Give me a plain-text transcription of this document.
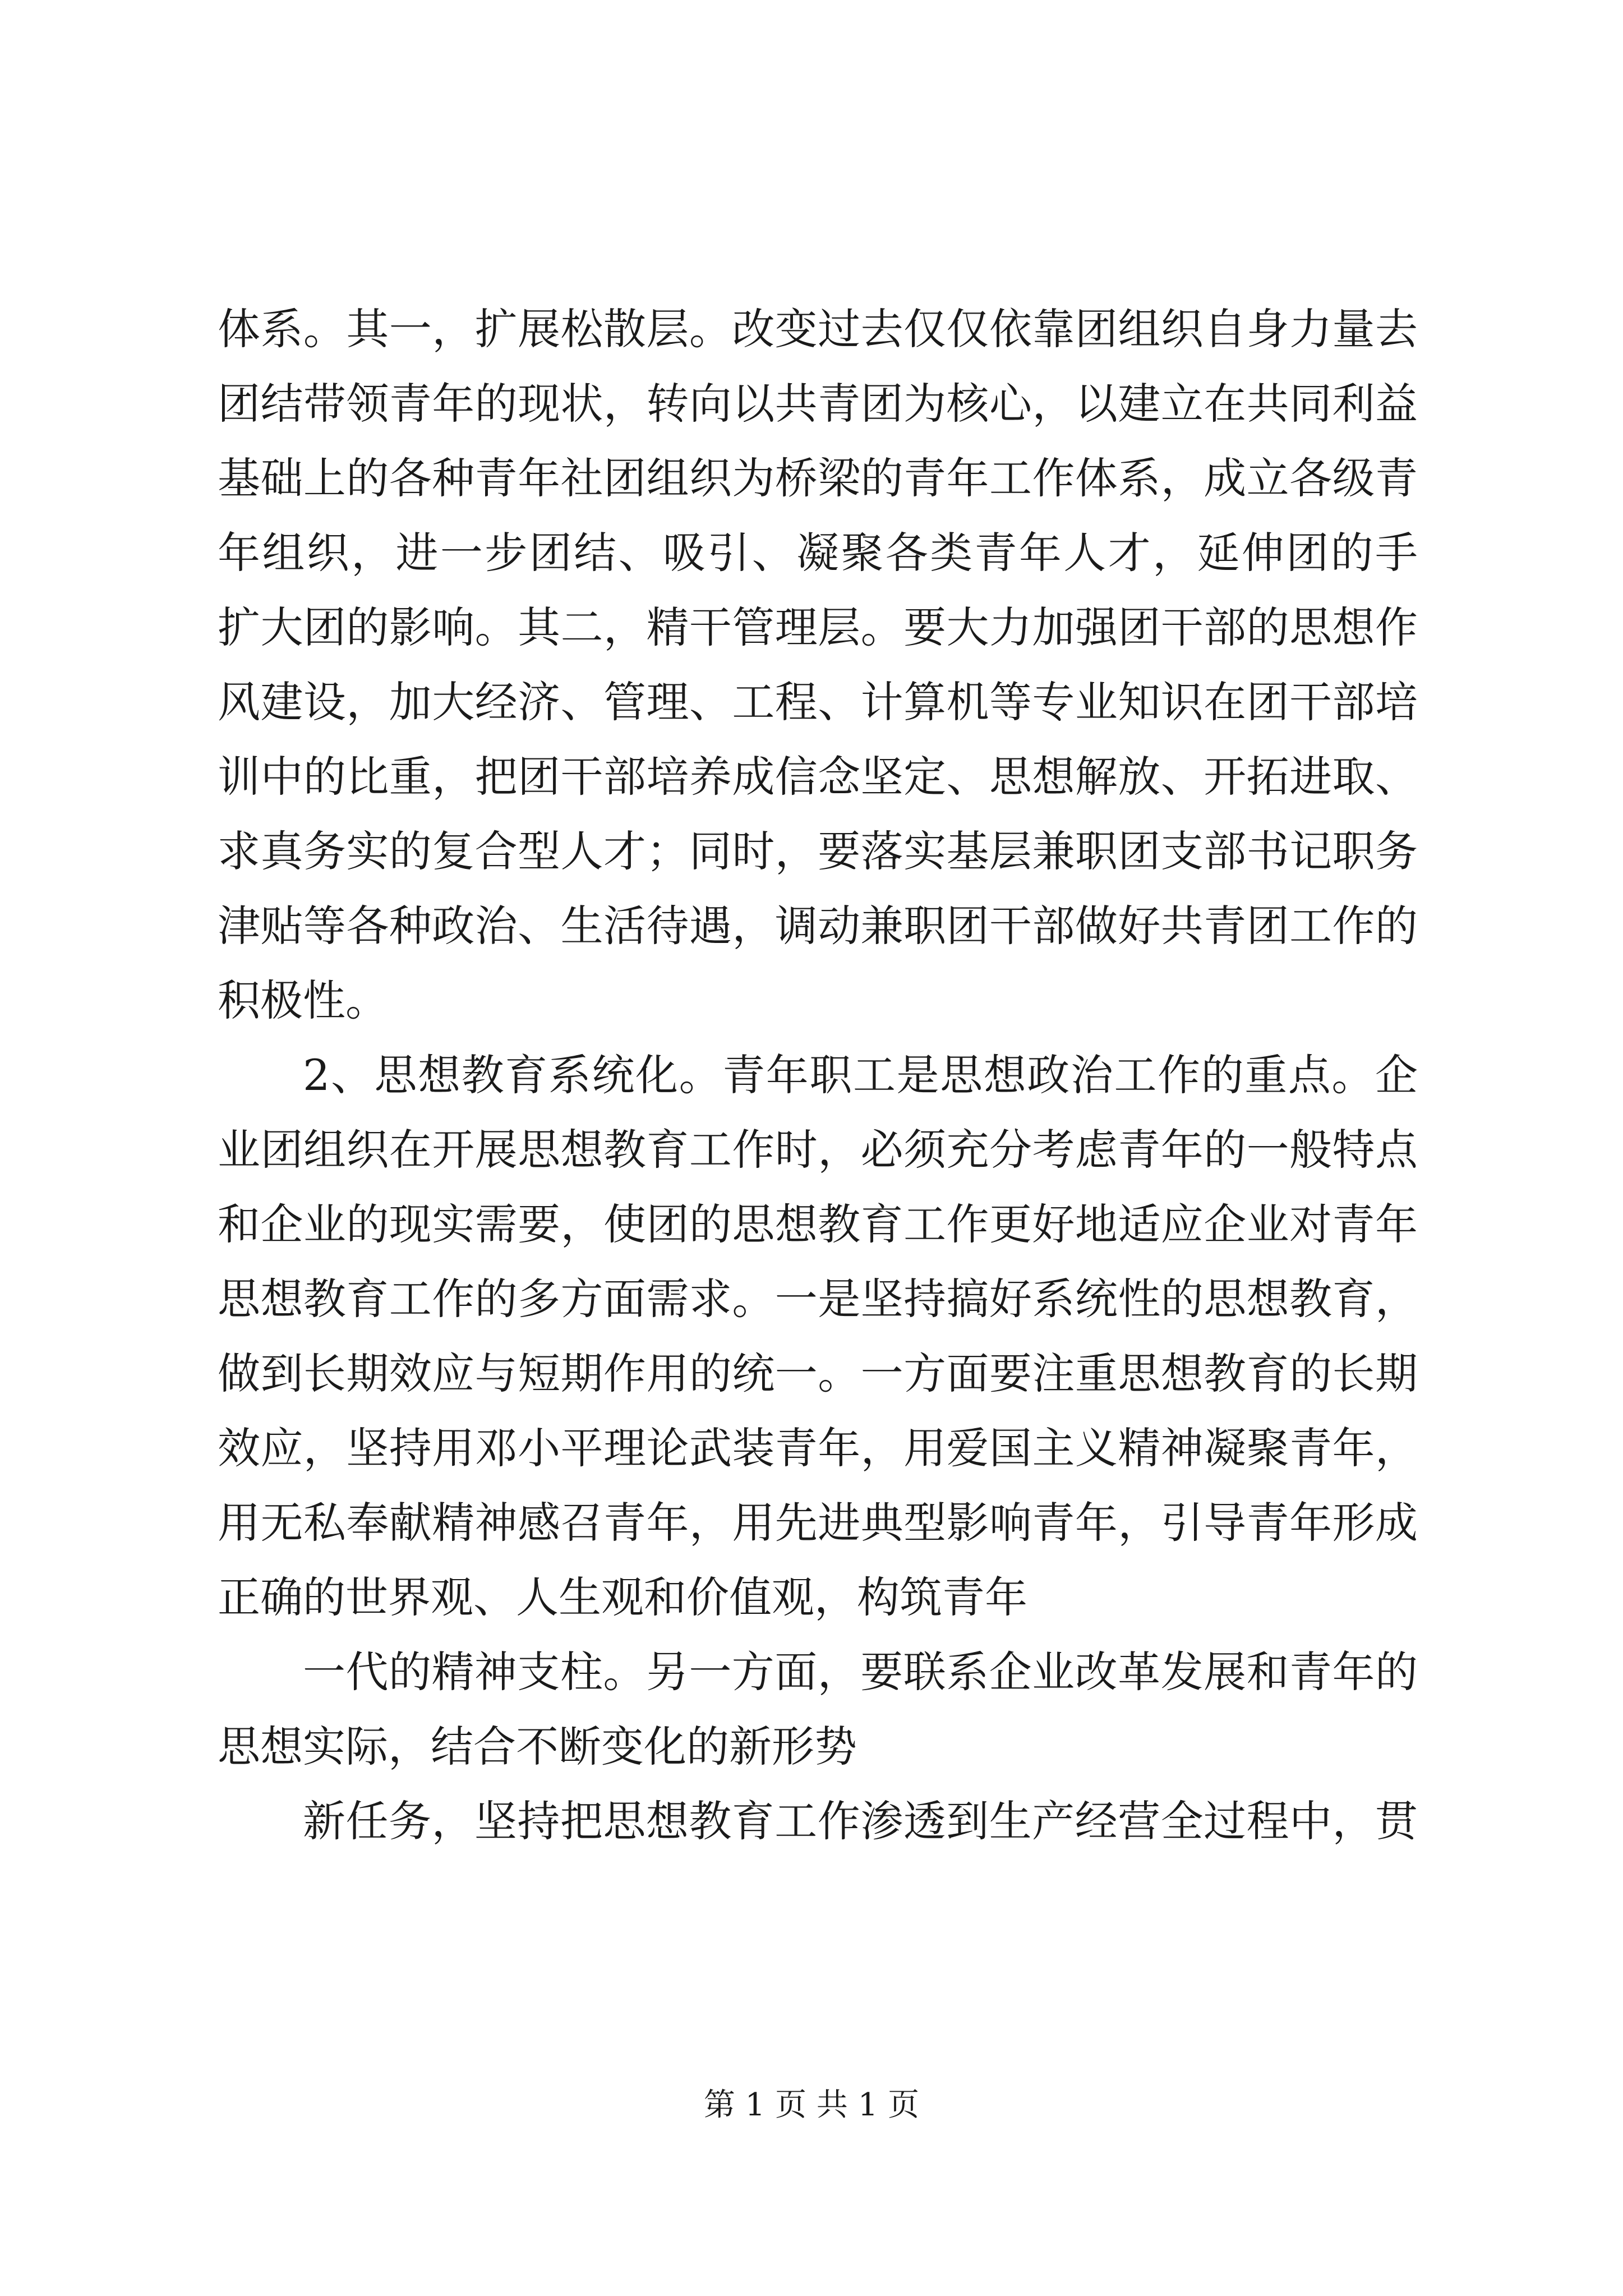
体系。其一，扩展松散层。改变过去仅仅依靠团组织自身力量去
团结带领青年的现状，转向以共青团为核心，以建立在共同利益
基础上的各种青年社团组织为桥梁的青年工作体系，成立各级青
年组织，进一步团结、吸引、凝聚各类青年人才，延伸团的手
扩大团的影响。其二，精干管理层。要大力加强团干部的思想作
风建设，加大经济、管理、工程、计算机等专业知识在团干部培
训中的比重，把团干部培养成信念坚定、思想解放、开拓进取、
求真务实的复合型人才；同时，要落实基层兼职团支部书记职务
津贴等各种政治、生活待遇，调动兼职团干部做好共青团工作的
积极性。
2、思想教育系统化。青年职工是思想政治工作的重点。企
业团组织在开展思想教育工作时，必须充分考虑青年的一般特点
和企业的现实需要，使团的思想教育工作更好地适应企业对青年
思想教育工作的多方面需求。一是坚持搞好系统性的思想教育，
做到长期效应与短期作用的统一。一方面要注重思想教育的长期
效应，坚持用邓小平理论武装青年，用爱国主义精神凝聚青年，
用无私奉献精神感召青年，用先进典型影响青年，引导青年形成
正确的世界观、人生观和价值观，构筑青年
一代的精神支柱。另一方面，要联系企业改革发展和青年的
思想实际，结合不断变化的新形势
新任务，坚持把思想教育工作渗透到生产经营全过程中，贯
第 1 页 共 1 页
